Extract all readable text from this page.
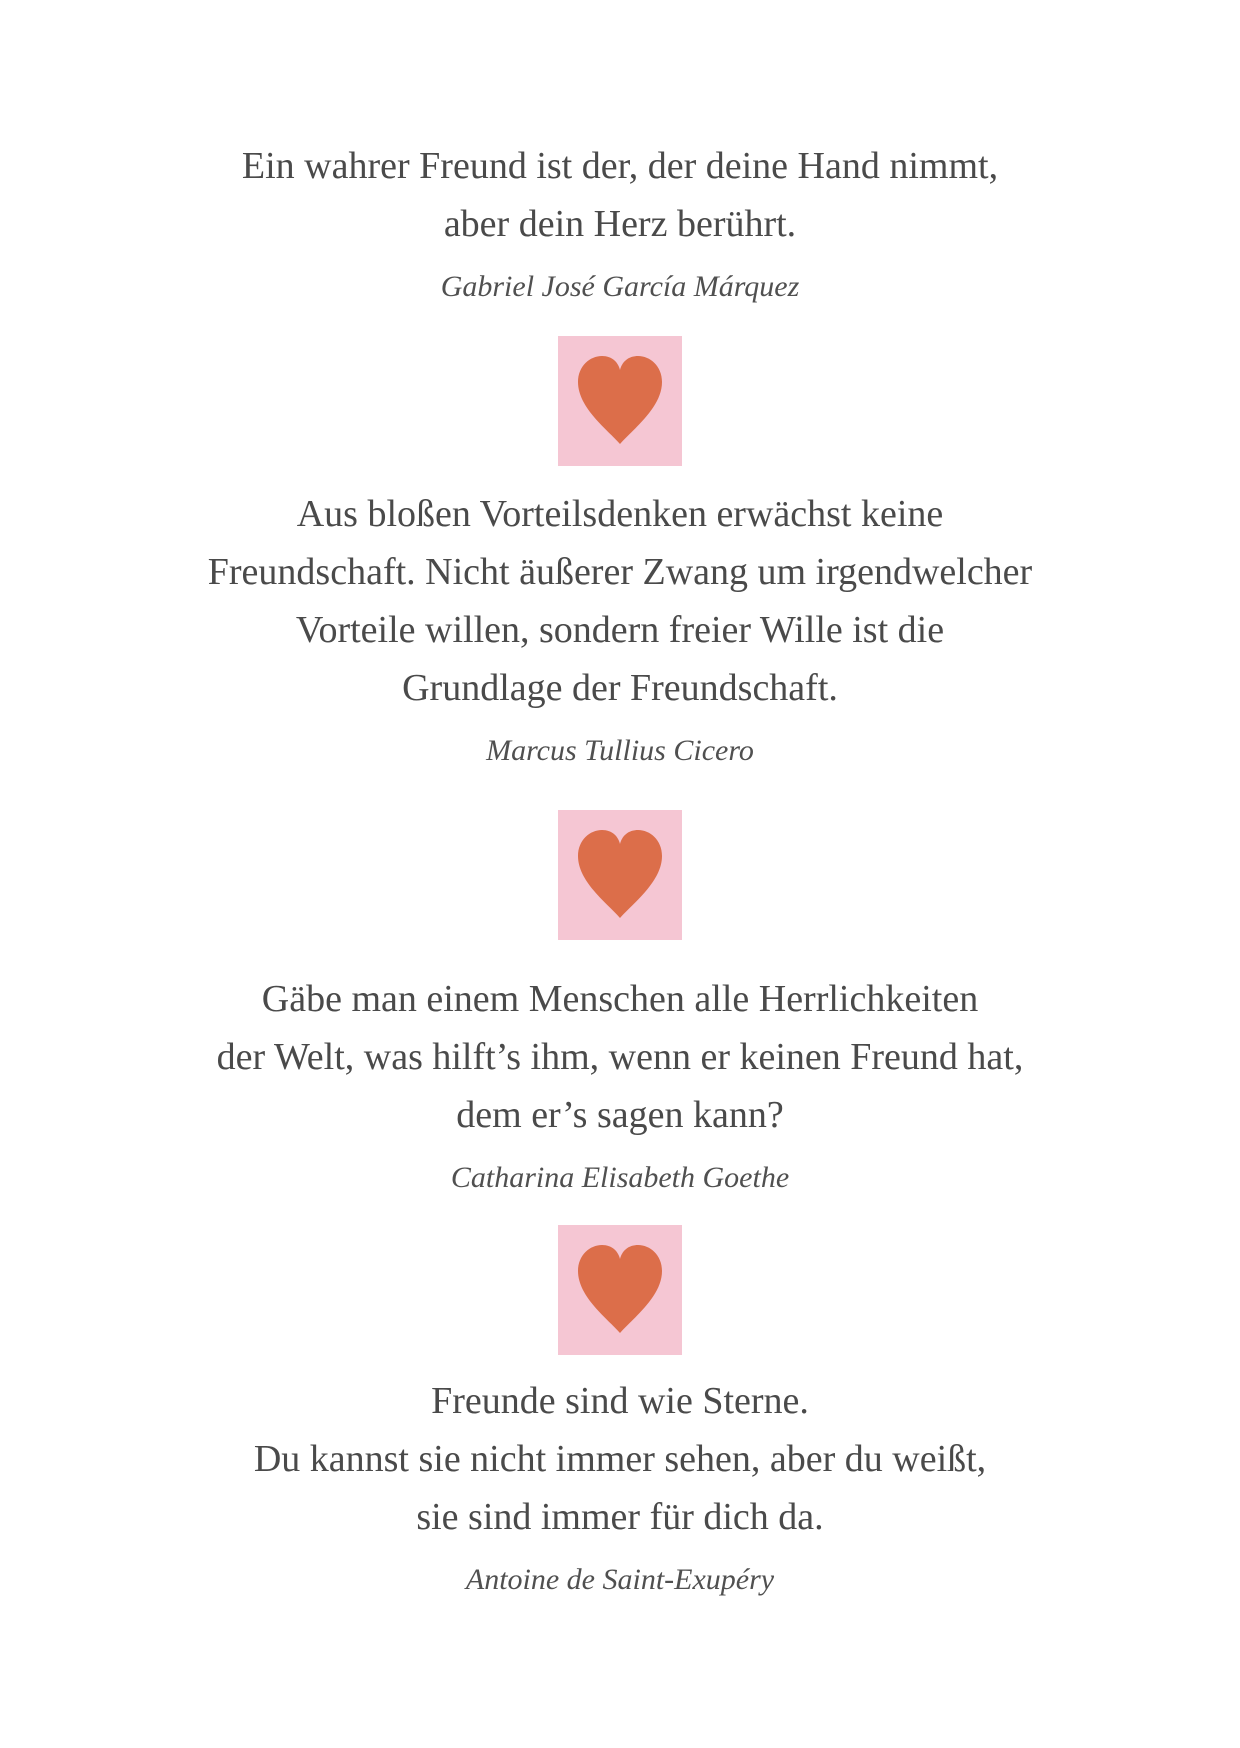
Ein wahrer Freund ist der, der deine Hand nimmt,
aber dein Herz berührt.

Gabriel José García Márquez

Aus bloßen Vorteilsdenken erwächst keine
Freundschaft. Nicht äußerer Zwang um irgendwelcher
Vorteile willen, sondern freier Wille ist die
Grundlage der Freundschaft.

Marcus Tullius Cicero

Gäbe man einem Menschen alle Herrlichkeiten
der Welt, was hilft’s ihm, wenn er keinen Freund hat,
dem er’s sagen kann?

Catharina Elisabeth Goethe

Freunde sind wie Sterne.
Du kannst sie nicht immer sehen, aber du weißt,
sie sind immer für dich da.

Antoine de Saint-Exupéry
